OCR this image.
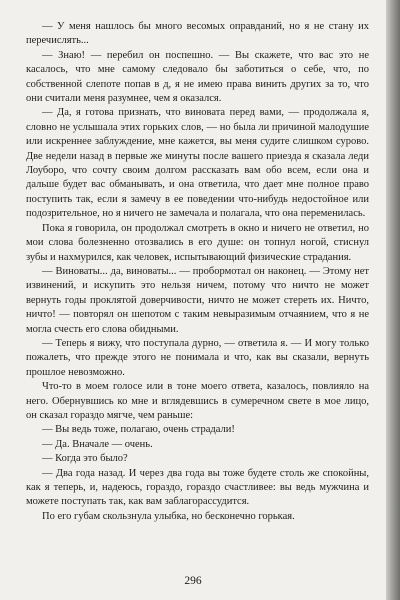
— У меня нашлось бы много весомых оправданий, но я не стану их перечислять...

— Знаю! — перебил он поспешно. — Вы скажете, что вас это не касалось, что мне самому следовало бы заботиться о себе, что, по собственной слепоте попав в д, я не имею права винить других за то, что они считали меня разумнее, чем я оказался.

— Да, я готова признать, что виновата перед вами, — продолжала я, словно не услышала этих горьких слов, — но была ли причиной малодушие или искреннее заблуждение, мне кажется, вы меня судите слишком сурово. Две недели назад в первые же минуты после вашего приезда я сказала леди Лоуборо, что сочту своим долгом рассказать вам обо всем, если она и дальше будет вас обманывать, и она ответила, что дает мне полное право поступить так, если я замечу в ее поведении что-нибудь недостойное или подозрительное, но я ничего не замечала и полагала, что она переменилась.

Пока я говорила, он продолжал смотреть в окно и ничего не ответил, но мои слова болезненно отозвались в его душе: он топнул ногой, стиснул зубы и нахмурился, как человек, испытывающий физические страдания.

— Виноваты... да, виноваты... — пробормотал он наконец. — Этому нет извинений, и искупить это нельзя ничем, потому что ничто не может вернуть годы проклятой доверчивости, ничто не может стереть их. Ничто, ничто! — повторял он шепотом с таким невыразимым отчаянием, что я не могла счесть его слова обидными.

— Теперь я вижу, что поступала дурно, — ответила я. — И могу только пожалеть, что прежде этого не понимала и что, как вы сказали, вернуть прошлое невозможно.

Что-то в моем голосе или в тоне моего ответа, казалось, повлияло на него. Обернувшись ко мне и вглядевшись в сумеречном свете в мое лицо, он сказал гораздо мягче, чем раньше:

— Вы ведь тоже, полагаю, очень страдали!

— Да. Вначале — очень.

— Когда это было?

— Два года назад. И через два года вы тоже будете столь же спокойны, как я теперь, и, надеюсь, гораздо, гораздо счастливее: вы ведь мужчина и можете поступать так, как вам заблагорассудится.

По его губам скользнула улыбка, но бесконечно горькая.

296
